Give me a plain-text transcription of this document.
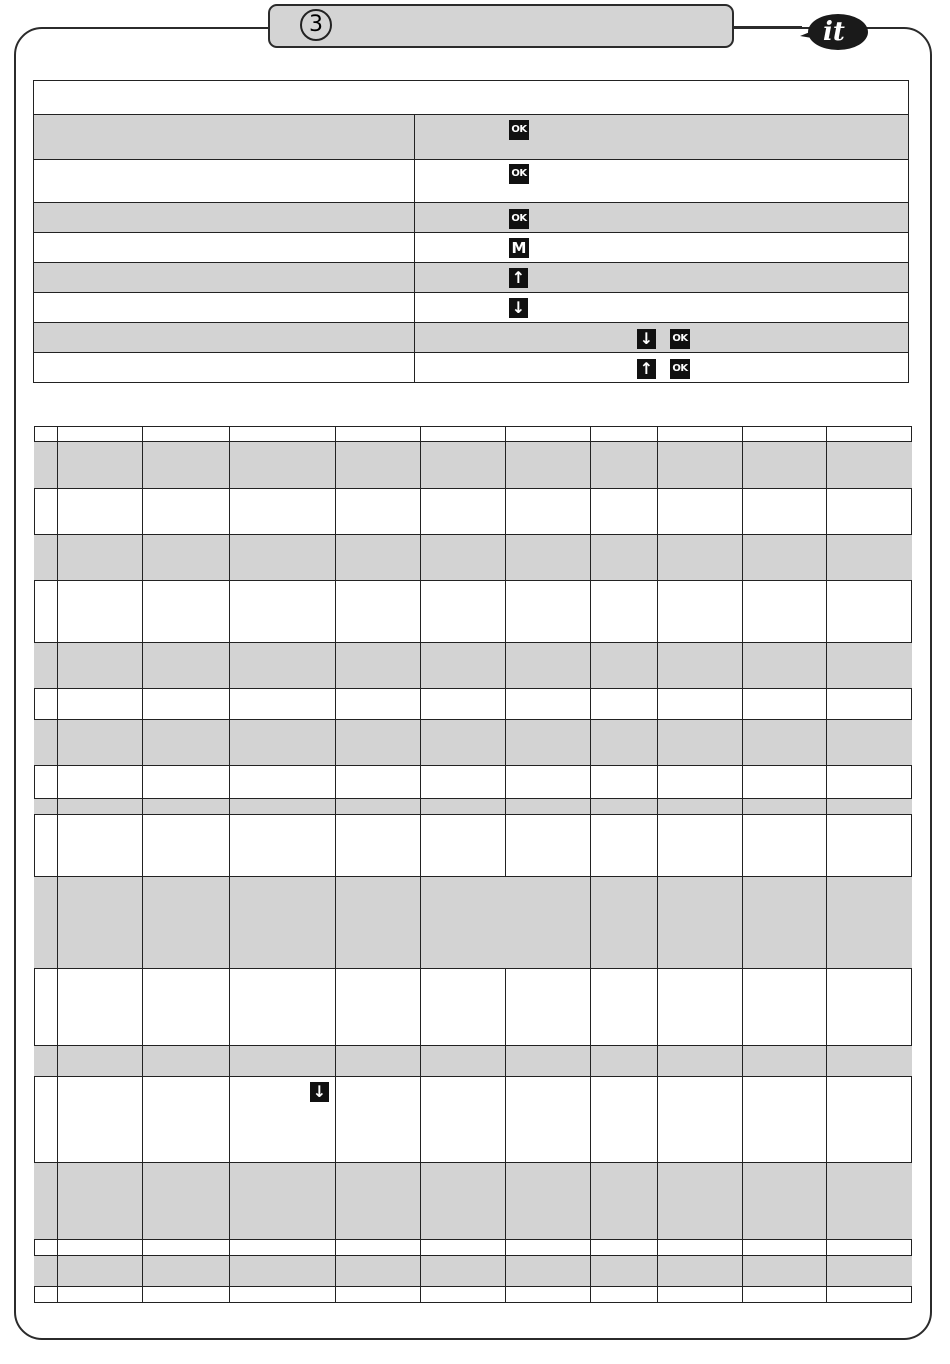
3	it
OK
OK
OK
M
↑
↓
↓ OK
↑ OK
↓
